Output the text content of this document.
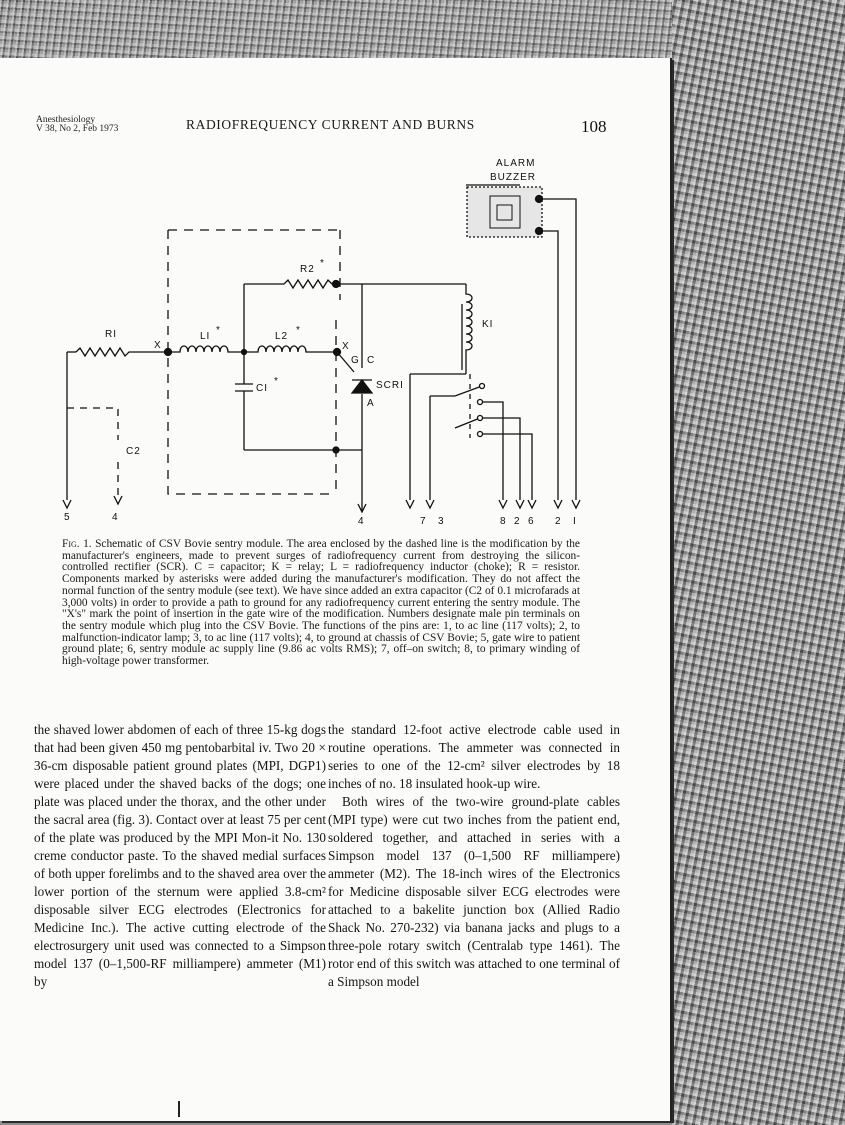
Anesthesiology
V 38, No 2, Feb 1973	RADIOFREQUENCY CURRENT AND BURNS	108
ALARM
BUZZER
RI
R2
*
LI
*
L2
*
CI
*
C2
KI
SCRI
X	X
G C
A
5	4	4	7 3	8 2 6 2 I
Fig. 1. Schematic of CSV Bovie sentry module. The area enclosed by the dashed line is the modification by the manufacturer's engineers, made to prevent surges of radiofrequency current from destroying the silicon-controlled rectifier (SCR). C = capacitor; K = relay; L = radiofrequency inductor (choke); R = resistor. Components marked by asterisks were added during the manufacturer's modification. They do not affect the normal function of the sentry module (see text). We have since added an extra capacitor (C2 of 0.1 microfarads at 3,000 volts) in order to provide a path to ground for any radiofrequency current entering the sentry module. The "X's" mark the point of insertion in the gate wire of the modification. Numbers designate male pin terminals on the sentry module which plug into the CSV Bovie. The functions of the pins are: 1, to ac line (117 volts); 2, to malfunction-indicator lamp; 3, to ac line (117 volts); 4, to ground at chassis of CSV Bovie; 5, gate wire to patient ground plate; 6, sentry module ac supply line (9.86 ac volts RMS); 7, off–on switch; 8, to primary winding of high-voltage power transformer.

the shaved lower abdomen of each of three 15-kg dogs that had been given 450 mg pentobarbital iv. Two 20 × 36-cm disposable patient ground plates (MPI, DGP1) were placed under the shaved backs of the dogs; one plate was placed under the thorax, and the other under the sacral area (fig. 3). Contact over at least 75 per cent of the plate was produced by the MPI Mon-it No. 130 creme conductor paste. To the shaved medial surfaces of both upper forelimbs and to the shaved area over the lower portion of the sternum were applied 3.8-cm² disposable silver ECG electrodes (Electronics for Medicine Inc.). The active cutting electrode of the electrosurgery unit used was connected to a Simpson model 137 (0–1,500-RF milliampere) ammeter (M1) by

the standard 12-foot active electrode cable used in routine operations. The ammeter was connected in series to one of the 12-cm² silver electrodes by 18 inches of no. 18 insulated hook-up wire.

Both wires of the two-wire ground-plate cables (MPI type) were cut two inches from the patient end, soldered together, and attached in series with a Simpson model 137 (0–1,500 RF milliampere) ammeter (M2). The 18-inch wires of the Electronics for Medicine disposable silver ECG electrodes were attached to a bakelite junction box (Allied Radio Shack No. 270-232) via banana jacks and plugs to a three-pole rotary switch (Centralab type 1461). The rotor end of this switch was attached to one terminal of a Simpson model
